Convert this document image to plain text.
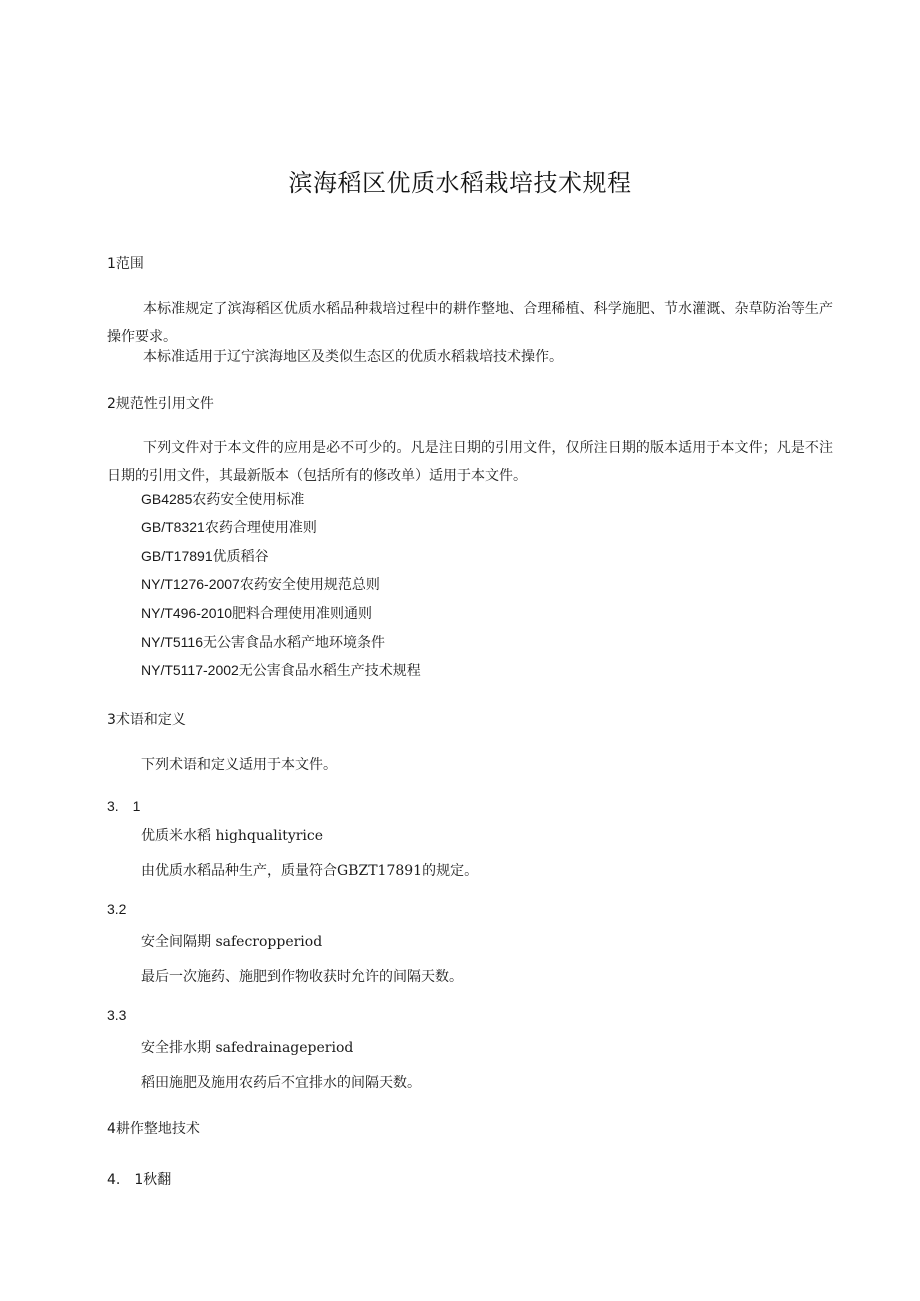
滨海稻区优质水稻栽培技术规程
1范围
本标准规定了滨海稻区优质水稻品种栽培过程中的耕作整地、合理稀植、科学施肥、节水灌溉、杂草防治等生产操作要求。
本标准适用于辽宁滨海地区及类似生态区的优质水稻栽培技术操作。
2规范性引用文件
下列文件对于本文件的应用是必不可少的。凡是注日期的引用文件，仅所注日期的版本适用于本文件；凡是不注日期的引用文件，其最新版本（包括所有的修改单）适用于本文件。
GB4285农药安全使用标准
GB/T8321农药合理使用准则
GB/T17891优质稻谷
NY/T1276-2007农药安全使用规范总则
NY/T496-2010肥料合理使用准则通则
NY/T5116无公害食品水稻产地环境条件
NY/T5117-2002无公害食品水稻生产技术规程
3术语和定义
下列术语和定义适用于本文件。
3.　1
优质米水稻 highqualityrice
由优质水稻品种生产，质量符合GBZT17891的规定。
3.2
安全间隔期 safecropperiod
最后一次施药、施肥到作物收获时允许的间隔天数。
3.3
安全排水期 safedrainageperiod
稻田施肥及施用农药后不宜排水的间隔天数。
4耕作整地技术
4.　1秋翻
